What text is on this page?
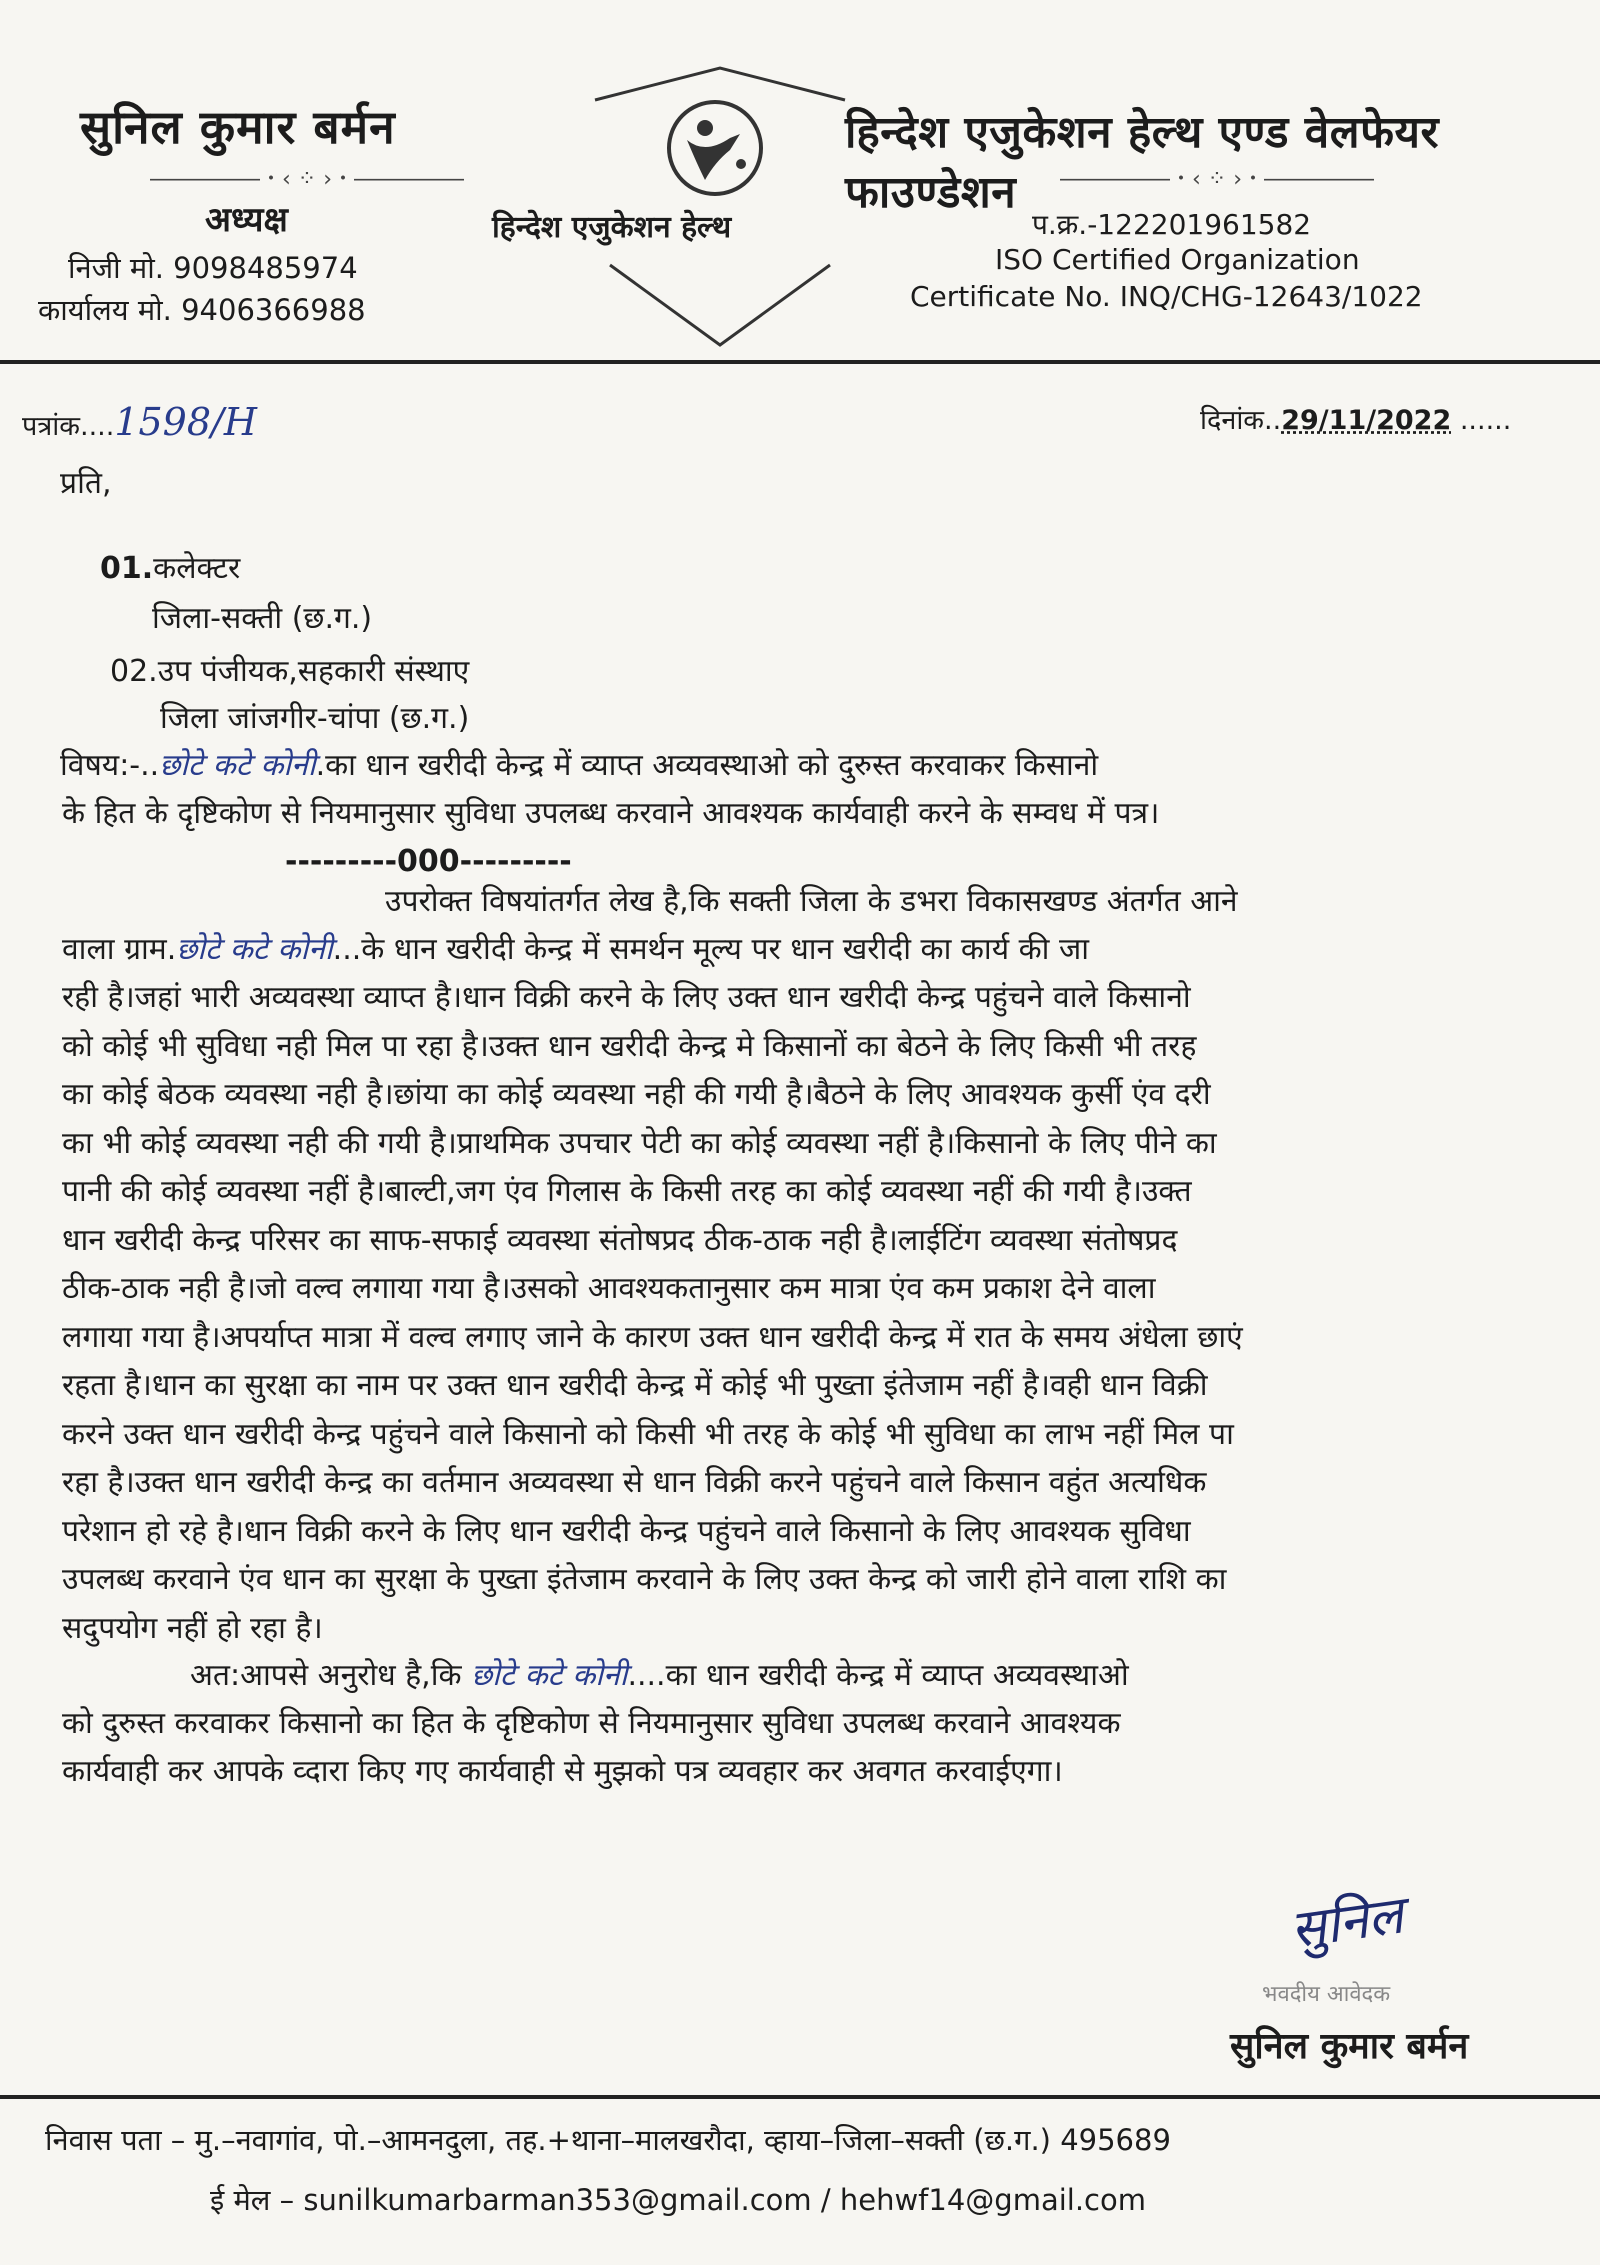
सुनिल कुमार बर्मन
―――――・‹ ⁘ ›・―――――
अध्यक्ष
निजी मो. 9098485974
कार्यालय मो. 9406366988
हिन्देश एजुकेशन हेल्थ
हिन्देश एजुकेशन हेल्थ एण्ड वेलफेयर फाउण्डेशन	―――――・‹ ⁘ ›・―――――
प.क्र.-122201961582
ISO Certified Organization
Certificate No. INQ/CHG-12643/1022
पत्रांक....1598/H	दिनांक..29/11/2022 ......
प्रति,
01.कलेक्टर
जिला-सक्ती (छ.ग.)
02.उप पंजीयक,सहकारी संस्थाए
जिला जांजगीर-चांपा (छ.ग.)
विषय:-..छोटे कटे कोनी.का धान खरीदी केन्द्र में व्याप्त अव्यवस्थाओ को दुरुस्त करवाकर किसानो
के हित के दृष्टिकोण से नियमानुसार सुविधा उपलब्ध करवाने आवश्यक कार्यवाही करने के सम्वध में पत्र।
---------000---------
उपरोक्त विषयांतर्गत लेख है,कि सक्ती जिला के डभरा विकासखण्ड अंतर्गत आने
वाला ग्राम.छोटे कटे कोनी...के धान खरीदी केन्द्र में समर्थन मूल्य पर धान खरीदी का कार्य की जा
रही है।जहां भारी अव्यवस्था व्याप्त है।धान विक्री करने के लिए उक्त धान खरीदी केन्द्र पहुंचने वाले किसानो
को कोई भी सुविधा नही मिल पा रहा है।उक्त धान खरीदी केन्द्र मे किसानों का बेठने के लिए किसी भी तरह
का कोई बेठक व्यवस्था नही है।छांया का कोई व्यवस्था नही की गयी है।बैठने के लिए आवश्यक कुर्सी एंव दरी
का भी कोई व्यवस्था नही की गयी है।प्राथमिक उपचार पेटी का कोई व्यवस्था नहीं है।किसानो के लिए पीने का
पानी की कोई व्यवस्था नहीं है।बाल्टी,जग एंव गिलास के किसी तरह का कोई व्यवस्था नहीं की गयी है।उक्त
धान खरीदी केन्द्र परिसर का साफ-सफाई व्यवस्था संतोषप्रद ठीक-ठाक नही है।लाईटिंग व्यवस्था संतोषप्रद
ठीक-ठाक नही है।जो वल्व लगाया गया है।उसको आवश्यकतानुसार कम मात्रा एंव कम प्रकाश देने वाला
लगाया गया है।अपर्याप्त मात्रा में वल्व लगाए जाने के कारण उक्त धान खरीदी केन्द्र में रात के समय अंधेला छाएं
रहता है।धान का सुरक्षा का नाम पर उक्त धान खरीदी केन्द्र में कोई भी पुख्ता इंतेजाम नहीं है।वही धान विक्री
करने उक्त धान खरीदी केन्द्र पहुंचने वाले किसानो को किसी भी तरह के कोई भी सुविधा का लाभ नहीं मिल पा
रहा है।उक्त धान खरीदी केन्द्र का वर्तमान अव्यवस्था से धान विक्री करने पहुंचने वाले किसान वहुंत अत्यधिक
परेशान हो रहे है।धान विक्री करने के लिए धान खरीदी केन्द्र पहुंचने वाले किसानो के लिए आवश्यक सुविधा
उपलब्ध करवाने एंव धान का सुरक्षा के पुख्ता इंतेजाम करवाने के लिए उक्त केन्द्र को जारी होने वाला राशि का
सदुपयोग नहीं हो रहा है।
अत:आपसे अनुरोध है,कि छोटे कटे कोनी....का धान खरीदी केन्द्र में व्याप्त अव्यवस्थाओ
को दुरुस्त करवाकर किसानो का हित के दृष्टिकोण से नियमानुसार सुविधा उपलब्ध करवाने आवश्यक
कार्यवाही कर आपके व्दारा किए गए कार्यवाही से मुझको पत्र व्यवहार कर अवगत करवाईएगा।
सुनिल
भवदीय आवेदक
सुनिल कुमार बर्मन
निवास पता – मु.–नवागांव, पो.–आमनदुला, तह.+थाना–मालखरौदा, व्हाया–जिला–सक्ती (छ.ग.) 495689
ई मेल – sunilkumarbarman353@gmail.com / hehwf14@gmail.com
